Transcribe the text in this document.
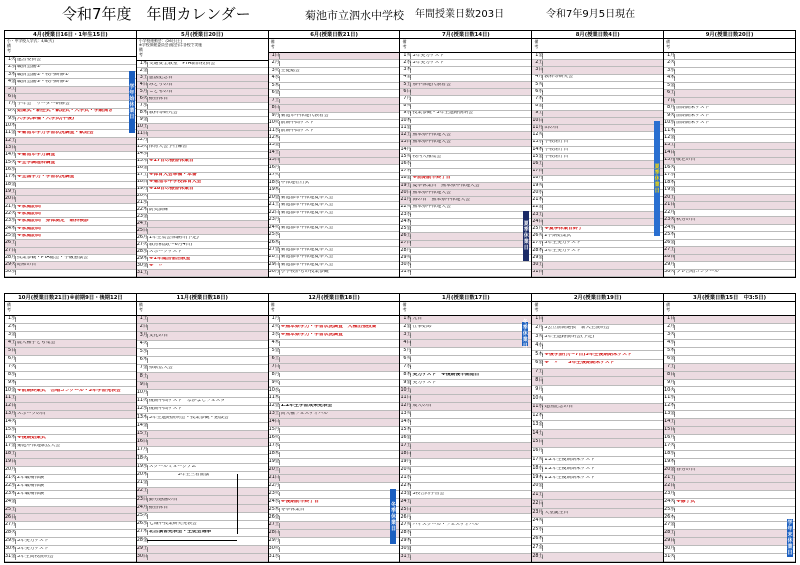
令和7年度　年間カレンダー	菊池市立泗水中学校 年間授業日数203日	令和7年9月5日現在
4月(授業日16日・1年生15日)
小・中学校入学式：4/8(火)
備
考
1 火 運営委員会
2 水 職員会議①
3 木 職員会議②・校内研修①
4 金 職員会議③・校内研修②
5 土
6 日
7 月 学年会　リーダー研修会
8 火 始業式・新任式・歓迎式・入学式・学級開き
9 水 入学式準備・入学式(午後)
10 木
11 金 ※菊池市学力学習状況調査・歓迎会
12 土
13 日
14 月 ※菊池市学力調査
15 火 ※全学調理科調査
16 水
17 木 ※全国学力・学習状況調査
18 金
19 土
20 日
21 月 ※家庭訪問
22 火 ※家庭訪問
23 水 ※家庭訪問　身体測定　眼科検診
24 木 ※家庭訪問
25 金 ※家庭訪問
26 土
27 日
28 月 授業参観・PTA総会・学級懇談会
29 火 昭和の日
30 水
学
年
始
休
業
日
5月(授業日20日)
小学校運動会：(26日(土)
※学校保健委員会(総会)は各校で実施
備
考
1 木 交通安全教室　PTA新旧役員会
2 金
3 土 憲法記念日
4 日 みどりの日
5 月 こどもの日
6 火 振替休日
7 水
8 木 教科等研究会
9 金
10 土
11 日
12 月
13 火 体育大会予行練習
14 水
15 木 ※17日の振替休業日
16 金
17 土 ※体育大会準備・本番
18 日 ※菊池市中学校体育大会
19 月 ※18日の振替休業日
20 火
21 水
22 木 防災訓練
23 金
24 土
25 日
26 月 1年生集会体験日(予定)
27 火 教育相談(～6月4日)
28 水 スポーツテスト
29 木 ※1年集団宿泊教室
30 金 ※　〃
31 土
6月(授業日数21日)
備
考
1 日
2 月
3 火 生徒総会
4 水
5 木
6 金
7 土
8 日
9 月 菊池市中体連代表者会
10 火 前期中間テスト
11 水 前期中間テスト
12 木
13 金
14 土
15 日
16 月
17 火
18 水 中体連壮行式
19 木
20 金 菊池郡市中体連夏季大会
21 土 菊池郡市中体連夏季大会
22 日 菊池郡市中体連夏季大会
23 月
24 火 菊池郡市中体連夏季大会
25 水
26 木
27 金 菊池郡市中体連夏季大会
28 土 菊池郡市中体連夏季大会
29 日 菊池郡市中体連夏季大会
30 月 小学校からの授業参観
7月(授業日数14日)
備
考
1 火 3年実力テスト
2 水 3年実力テスト
3 木
4 金
5 土 県中体連代表者会
6 日
7 月
8 火
9 水 授業参観・3年生進路説明会
10 木
11 金
12 土 熊本県中体連大会
13 日 熊本県中体連大会
14 月
15 火 校内人権集会
16 水
17 木
18 金 ※前期前半終了日
19 土 夏季休業日　熊本県中体連大会
20 日 熊本県中体連大会
21 月 海の日　熊本県中体連大会
22 火 熊本県中体連大会
23 水
24 木
25 金
26 土
27 日
28 月
29 火
30 水
31 木
夏
季
休
業
日
8月(授業日数4日)
備
考
1 金
2 土
3 日
4 月 教科等研究会
5 火
6 水
7 木
8 金
9 土
10 日
11 月 山の日
12 火
13 水 学校閉庁日
14 木 学校閉庁日
15 金 学校閉庁日
16 土
17 日
18 月
19 火
20 水
21 木
22 金
23 土
24 日
25 月 ※夏季休業日終了
26 火 2学期始業式
27 水 3年生実力テスト
28 木 3年生実力テスト
29 金
30 土
31 日
夏
季
休
業
日
9月(授業日数20日)
備
考
1 月
2 火
3 水
4 木
5 金
6 土
7 日
8 月 前期期末テスト
9 火 前期期末テスト
10 水 前期期末テスト
11 木
12 金
13 土
14 日
15 月 敬老の日
16 火
17 水
18 木
19 金
20 土
21 日
22 月
23 火 秋分の日
24 水
25 木
26 金
27 土
28 日
29 月
30 火 ブレ合唱コンクール
10月(授業日数21日)※前期9日・後期12日
備
考
1 水
2 木
3 金
4 土 農人権子ども集会
5 日
6 月
7 火
8 水
9 木
10 金 ※前期終業式　合唱コンクール・3年学習発表会
11 土
12 日
13 月 スポーツの日
14 火
15 水
16 木 ※後期始業式
17 金 菊池中体連駅伝大会
18 土
19 日
20 月
21 火 2年職場体験
22 水 2年職場体験
23 木 2年職場体験
24 金
25 土
26 日
27 月
28 火
29 水 3年実力テスト
30 木 3年実力テスト
31 金 3年生高校説明会
11月(授業日数18日)
備
考
1 土
2 日
3 月 文化の日
4 火
5 水
6 木
7 金 県駅伝大会
8 土
9 日
10 月
11 火 後期中間テスト　なかよしフェスタ
12 水 後期中間テスト
13 木 3年生進路説明会・授業参観・懇談会
14 金
15 土
16 日
17 月
18 火
19 水 スクールミュージアム
20 木 　　　　　　3年生三者面談
21 金
22 土
23 日 勤労感謝の日
24 月 振替休日
25 火
26 水 七城中授業研究発表会
27 木 北合演習発表会・生徒会選挙
28 金
29 土
30 日
12月(授業日数18日)
備
考
1 月
2 火 ※熊本県学力・学習状況調査　人権出張授業
3 水 ※熊本県学力・学習状況調査
4 木
5 金
6 土
7 日
8 月
9 火
10 水
11 木
12 金 1.2年生学習成果発表会
13 土 同人権フェスティバル
14 日
15 月
16 火
17 水
18 木
19 金
20 土
21 日
22 月
23 火
24 水 ※後期前半終了日
25 木 冬季休業日
26 金
27 土
28 日
29 月
30 火
31 水
冬
季
休
業
日
1月(授業日数17日)
備
考
1 木 元日
2 金 仕事始め
3 土
4 日
5 月
6 火
7 水
8 木 実力テスト　※後期後半開始日
9 金 実力テスト
10 土
11 日
12 月 成人の日
13 火
14 水
15 木
16 金
17 土
18 日
19 月
20 火
21 水
22 木
23 金 3校合同学習会
24 土
25 日
26 月
27 火 ハイスクール・フェスティバル
28 水
29 木
30 金
31 土
冬
季
休
業
日
2月(授業日数19日)
備
考
1 日
2 月 3公立前期選抜　新入生説明会
3 火 3年生進路説明会(予定)
4 水
5 木 ※後学旅行(～7日)3年生後期期末テスト
6 金 ※　〃　　3年生後期期末テスト
7 土
8 日
9 月
10 火
11 水 建国記念の日
12 木
13 金
14 土
15 日
16 月
17 火 1.2年生後期期末テスト
18 水 1.2年生後期期末テスト
19 木 1.2年生後期期末テスト
20 金
21 土
22 日
23 月 天皇誕生日
24 火
25 水
26 木
27 金
28 土
3月(授業日数15日　中3:5日)
備
考
1 日
2 月
3 火
4 水
5 木
6 金
7 土
8 日
9 月
10 火
11 水
12 木
13 金
14 土
15 日
16 月
17 火
18 水
19 木
20 金 春分の日
21 土
22 日
23 月
24 火 ※修了式
25 水
26 木
27 金
28 土
29 日
30 月
31 火
学
年
末
休
業
日
